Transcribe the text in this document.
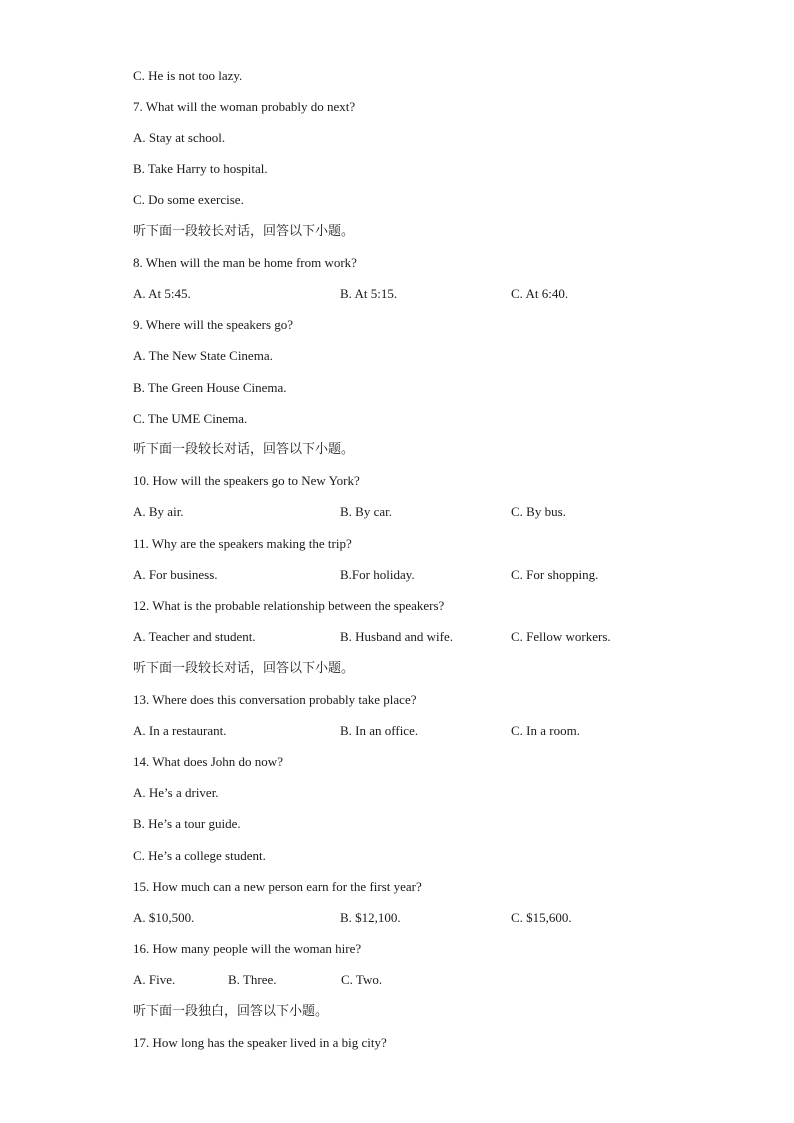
C. He is not too lazy.
7. What will the woman probably do next?
A. Stay at school.
B. Take Harry to hospital.
C. Do some exercise.
听下面一段较长对话，回答以下小题。
8. When will the man be home from work?
A. At 5:45.	B. At 5:15.	C. At 6:40.
9. Where will the speakers go?
A. The New State Cinema.
B. The Green House Cinema.
C. The UME Cinema.
听下面一段较长对话，回答以下小题。
10. How will the speakers go to New York?
A. By air.	B. By car.	C. By bus.
11. Why are the speakers making the trip?
A. For business.	B.For holiday.	C. For shopping.
12. What is the probable relationship between the speakers?
A. Teacher and student.	B. Husband and wife.	C. Fellow workers.
听下面一段较长对话，回答以下小题。
13. Where does this conversation probably take place?
A. In a restaurant.	B. In an office.	C. In a room.
14. What does John do now?
A. He’s a driver.
B. He’s a tour guide.
C. He’s a college student.
15. How much can a new person earn for the first year?
A. $10,500.	B. $12,100.	C. $15,600.
16. How many people will the woman hire?
A. Five.	B. Three.	C. Two.
听下面一段独白，回答以下小题。
17. How long has the speaker lived in a big city?
